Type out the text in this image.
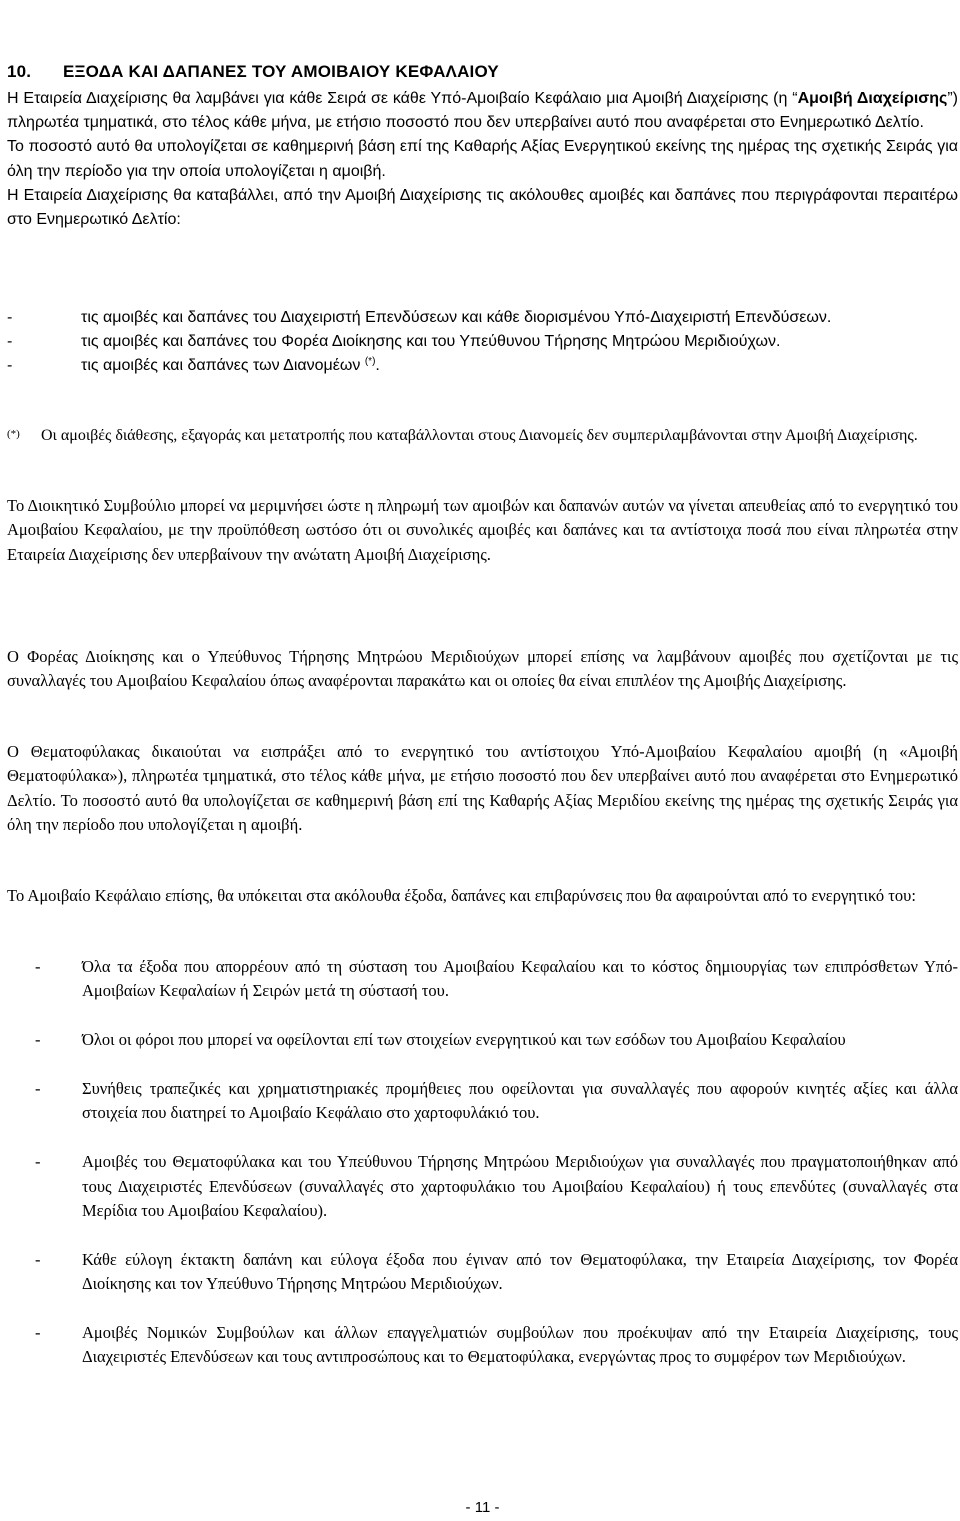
10. ΕΞΟΔΑ ΚΑΙ ΔΑΠΑΝΕΣ ΤΟΥ ΑΜΟΙΒΑΙΟΥ ΚΕΦΑΛΑΙΟΥ
Η Εταιρεία Διαχείρισης θα λαμβάνει για κάθε Σειρά σε κάθε Υπό-Αμοιβαίο Κεφάλαιο μια Αμοιβή Διαχείρισης (η “Αμοιβή Διαχείρισης”) πληρωτέα τμηματικά, στο τέλος κάθε μήνα, με ετήσιο ποσοστό που δεν υπερβαίνει αυτό που αναφέρεται στο Ενημερωτικό Δελτίο.
Το ποσοστό αυτό θα υπολογίζεται σε καθημερινή βάση επί της Καθαρής Αξίας Ενεργητικού εκείνης της ημέρας της σχετικής Σειράς για όλη την περίοδο για την οποία υπολογίζεται η αμοιβή.
Η Εταιρεία Διαχείρισης θα καταβάλλει, από την Αμοιβή Διαχείρισης τις ακόλουθες αμοιβές και δαπάνες που περιγράφονται περαιτέρω στο Ενημερωτικό Δελτίο:
-	τις αμοιβές και δαπάνες του Διαχειριστή Επενδύσεων και κάθε διορισμένου Υπό-Διαχειριστή Επενδύσεων.
-	τις αμοιβές και δαπάνες του Φορέα Διοίκησης και του Υπεύθυνου Τήρησης Μητρώου Μεριδιούχων.
-	τις αμοιβές και δαπάνες των Διανομέων (*).
(*)	Οι αμοιβές διάθεσης, εξαγοράς και μετατροπής που καταβάλλονται στους Διανομείς δεν συμπεριλαμβάνονται στην Αμοιβή Διαχείρισης.
Το Διοικητικό Συμβούλιο μπορεί να μεριμνήσει ώστε η πληρωμή των αμοιβών και δαπανών αυτών να γίνεται απευθείας από το ενεργητικό του Αμοιβαίου Κεφαλαίου, με την προϋπόθεση ωστόσο ότι οι συνολικές αμοιβές και δαπάνες και τα αντίστοιχα ποσά που είναι πληρωτέα στην Εταιρεία Διαχείρισης δεν υπερβαίνουν την ανώτατη Αμοιβή Διαχείρισης.
Ο Φορέας Διοίκησης και ο Υπεύθυνος Τήρησης Μητρώου Μεριδιούχων μπορεί επίσης να λαμβάνουν αμοιβές που σχετίζονται με τις συναλλαγές του Αμοιβαίου Κεφαλαίου όπως αναφέρονται παρακάτω και οι οποίες θα είναι επιπλέον της Αμοιβής Διαχείρισης.
Ο Θεματοφύλακας δικαιούται να εισπράξει από το ενεργητικό του αντίστοιχου Υπό-Αμοιβαίου Κεφαλαίου αμοιβή (η «Αμοιβή Θεματοφύλακα»), πληρωτέα τμηματικά, στο τέλος κάθε μήνα, με ετήσιο ποσοστό που δεν υπερβαίνει αυτό που αναφέρεται στο Ενημερωτικό Δελτίο. Το ποσοστό αυτό θα υπολογίζεται σε καθημερινή βάση επί της Καθαρής Αξίας Μεριδίου εκείνης της ημέρας της σχετικής Σειράς για όλη την περίοδο που υπολογίζεται η αμοιβή.
Το Αμοιβαίο Κεφάλαιο επίσης, θα υπόκειται στα ακόλουθα έξοδα, δαπάνες και επιβαρύνσεις που θα αφαιρούνται από το ενεργητικό του:
-	Όλα τα έξοδα που απορρέουν από τη σύσταση του Αμοιβαίου Κεφαλαίου και το κόστος δημιουργίας των επιπρόσθετων Υπό-Αμοιβαίων Κεφαλαίων ή Σειρών μετά τη σύστασή του.
-	Όλοι οι φόροι που μπορεί να οφείλονται επί των στοιχείων ενεργητικού και των εσόδων του Αμοιβαίου Κεφαλαίου
-	Συνήθεις τραπεζικές και χρηματιστηριακές προμήθειες που οφείλονται για συναλλαγές που αφορούν κινητές αξίες και άλλα στοιχεία που διατηρεί το Αμοιβαίο Κεφάλαιο στο χαρτοφυλάκιό του.
-	Αμοιβές του Θεματοφύλακα και του Υπεύθυνου Τήρησης Μητρώου Μεριδιούχων για συναλλαγές που πραγματοποιήθηκαν από τους Διαχειριστές Επενδύσεων (συναλλαγές στο χαρτοφυλάκιο του Αμοιβαίου Κεφαλαίου) ή τους επενδύτες (συναλλαγές στα Μερίδια του Αμοιβαίου Κεφαλαίου).
-	Κάθε εύλογη έκτακτη δαπάνη και εύλογα έξοδα που έγιναν από τον Θεματοφύλακα, την Εταιρεία Διαχείρισης, τον Φορέα Διοίκησης και τον Υπεύθυνο Τήρησης Μητρώου Μεριδιούχων.
-	Αμοιβές Νομικών Συμβούλων και άλλων επαγγελματιών συμβούλων που προέκυψαν από την Εταιρεία Διαχείρισης, τους Διαχειριστές Επενδύσεων και τους αντιπροσώπους και το Θεματοφύλακα, ενεργώντας προς το συμφέρον των Μεριδιούχων.
- 11 -
